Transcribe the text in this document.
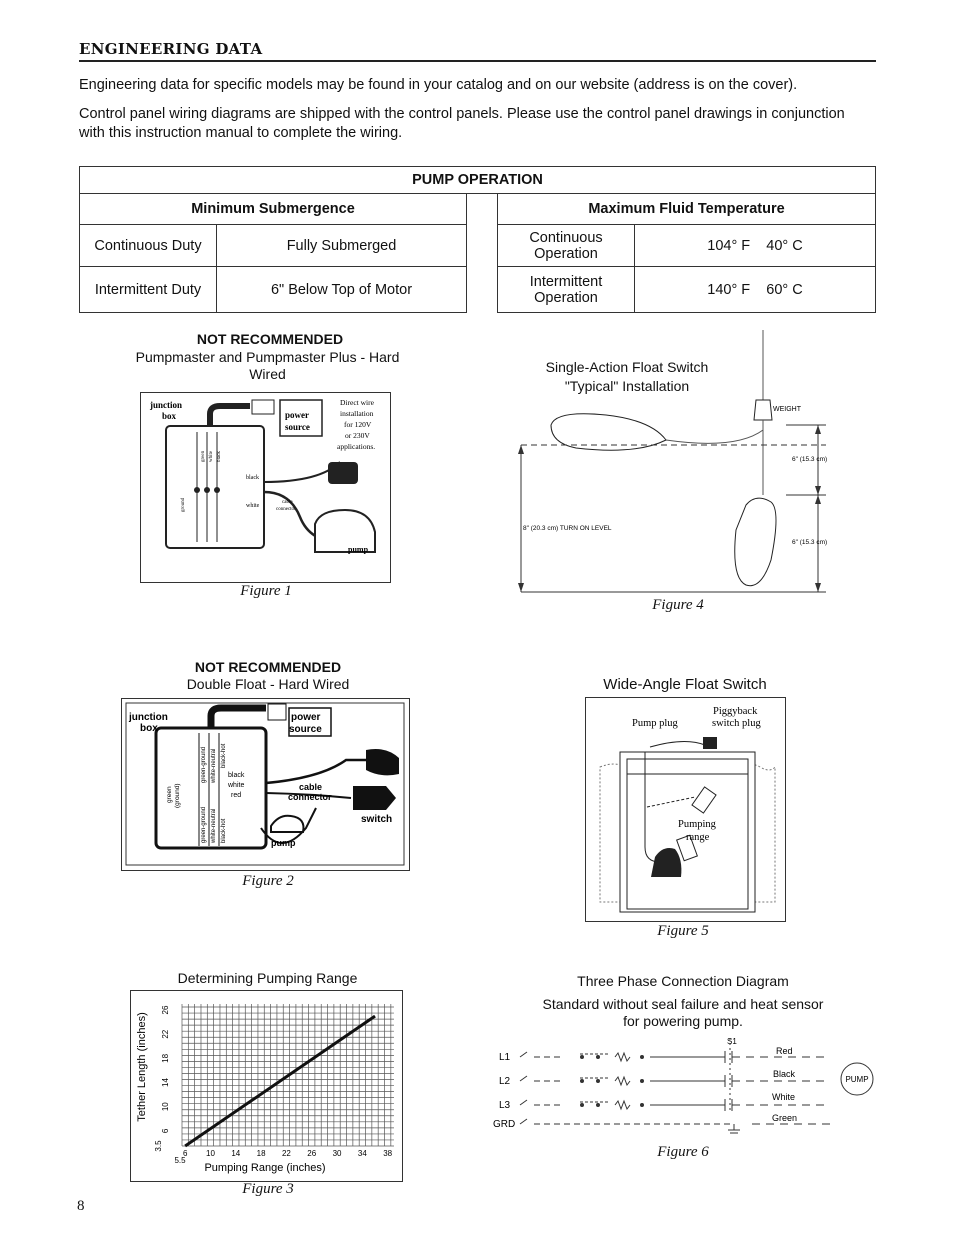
ENGINEERING DATA
Engineering data for specific models may be found in your catalog and on our website (address is on the cover).
Control panel wiring diagrams are shipped with the control panels. Please use the control panel drawings in conjunction with this instruction manual to complete the wiring.
PUMP OPERATION				
Minimum Submergence			Maximum Fluid Temperature	
Continuous Duty	Fully Submerged		Continuous Operation	104° F 40° C
Intermittent Duty	6" Below Top of Motor		Intermittent Operation	140° F 60° C
NOT RECOMMENDED
Pumpmaster and Pumpmaster Plus - Hard Wired
junction
box	power
source
Direct wire
installation
for 120V
or 230V
applications.
black
white
cable
connector
pump
green white black
ground
Figure 1
Single-Action Float Switch
"Typical" Installation
WEIGHT
6" (15.3 cm)
6" (15.3 cm)
8" (20.3 cm) TURN ON LEVEL
Figure 4
NOT RECOMMENDED
Double Float - Hard Wired
junction
box
power
source
black
white
red
cable
connector
switch
pump
green (ground)
green-ground white-neutral black-hot
green-ground white-neutral black-hot
Figure 2
Wide-Angle Float Switch
Pump plug
Piggyback
switch plug
Pumping
range
Figure 5
Determining Pumping Range
5.5
6 10 14 18 22 26 30 34 38
3.5
6
10
14
18
22
26
Pumping Range (inches)
Tether Length (inches)
Figure 3
Three Phase Connection Diagram
Standard without seal failure and heat sensor
for powering pump.
L1
L2
L3
GRD
S1
Red
Black
White
Green
PUMP
Figure 6
8
